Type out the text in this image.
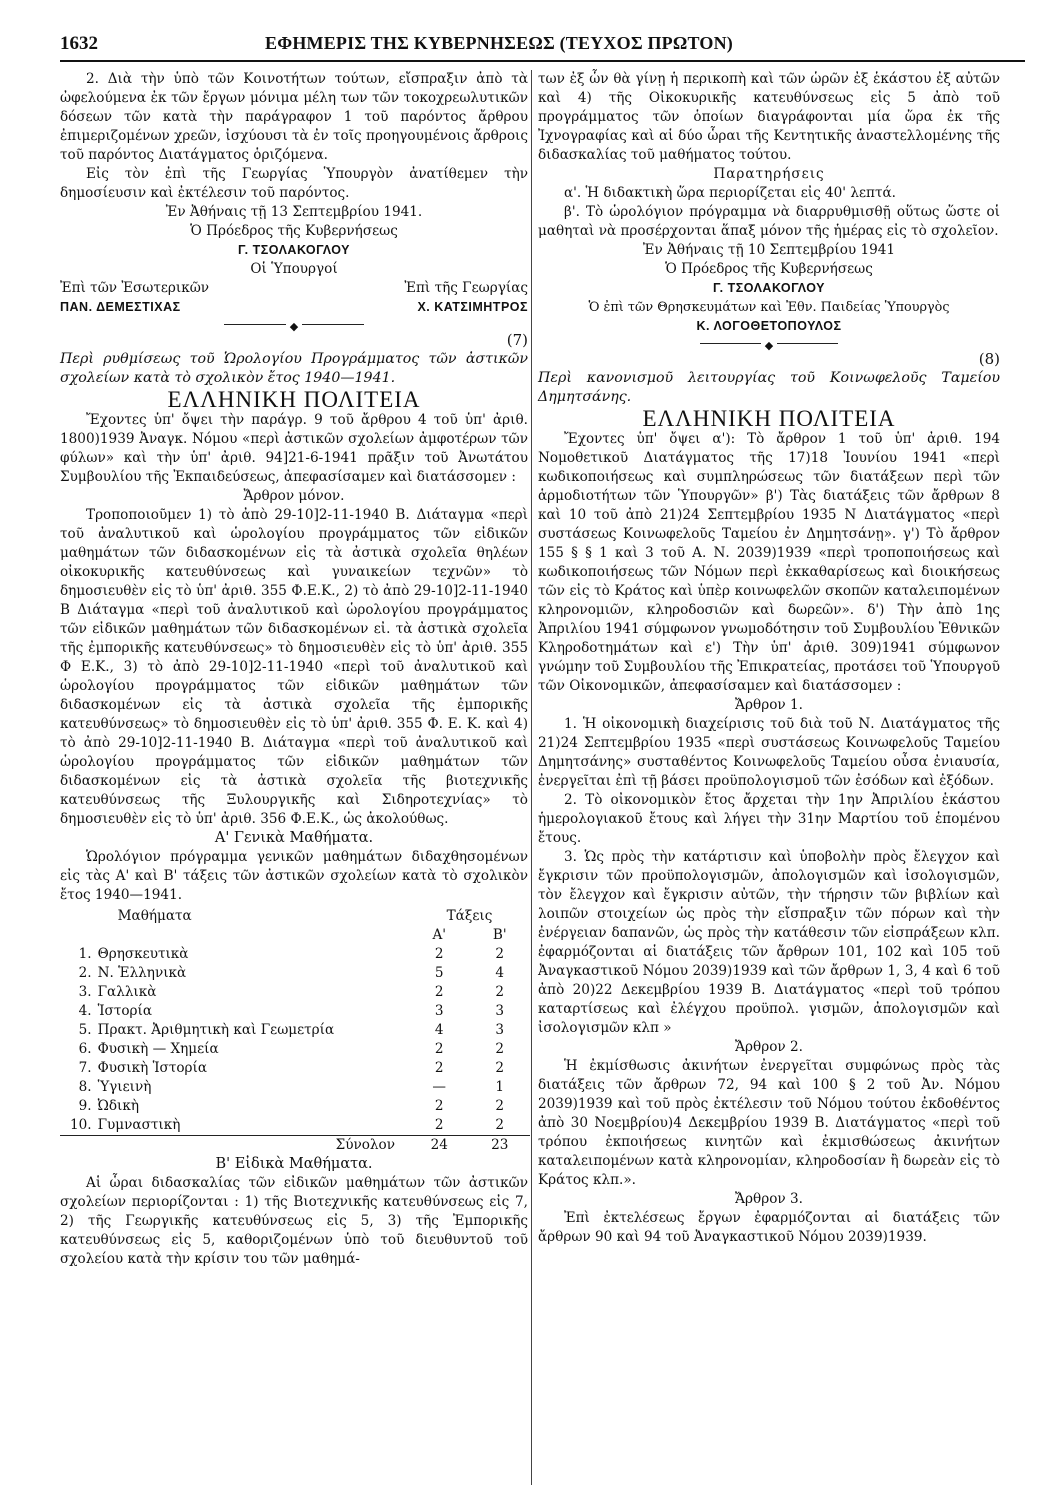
1632	ΕΦΗΜΕΡΙΣ ΤΗΣ ΚΥΒΕΡΝΗΣΕΩΣ (ΤΕΥΧΟΣ ΠΡΩΤΟΝ)

2. Διὰ τὴν ὑπὸ τῶν Κοινοτήτων τούτων, εἴσπραξιν ἀπὸ τὰ ὠφελούμενα ἐκ τῶν ἔργων μόνιμα μέλη των τῶν τοκοχρεωλυτικῶν δόσεων τῶν κατὰ τὴν παράγραφον 1 τοῦ παρόντος ἄρθρου ἐπιμεριζομένων χρεῶν, ἰσχύουσι τὰ ἐν τοῖς προηγουμένοις ἄρθροις τοῦ παρόντος Διατάγματος ὁριζόμενα.

Εἰς τὸν ἐπὶ τῆς Γεωργίας Ὑπουργὸν ἀνατίθεμεν τὴν δημοσίευσιν καὶ ἐκτέλεσιν τοῦ παρόντος.

Ἐν Ἀθήναις τῇ 13 Σεπτεμβρίου 1941.

Ὁ Πρόεδρος τῆς Κυβερνήσεως

Γ. ΤΣΟΛΑΚΟΓΛΟΥ

Οἱ Ὑπουργοί

Ἐπὶ τῶν Ἐσωτερικῶν	Ἐπὶ τῆς Γεωργίας
ΠΑΝ. ΔΕΜΕΣΤΙΧΑΣ	Χ. ΚΑΤΣΙΜΗΤΡΟΣ
◆

(7)

Περὶ ρυθμίσεως τοῦ Ὡρολογίου Προγράμματος τῶν ἀστικῶν σχολείων κατὰ τὸ σχολικὸν ἔτος 1940—1941.

ΕΛΛΗΝΙΚΗ ΠΟΛΙΤΕΙΑ

Ἔχοντες ὑπ' ὄψει τὴν παράγρ. 9 τοῦ ἄρθρου 4 τοῦ ὑπ' ἀριθ. 1800)1939 Ἀναγκ. Νόμου «περὶ ἀστικῶν σχολείων ἀμφοτέρων τῶν φύλων» καὶ τὴν ὑπ' ἀριθ. 94]21-6-1941 πρᾶξιν τοῦ Ἀνωτάτου Συμβουλίου τῆς Ἐκπαιδεύσεως, ἀπεφασίσαμεν καὶ διατάσσομεν :

Ἄρθρον μόνον.

Τροποποιοῦμεν 1) τὸ ἀπὸ 29-10]2-11-1940 Β. Διάταγμα «περὶ τοῦ ἀναλυτικοῦ καὶ ὡρολογίου προγράμματος τῶν εἰδικῶν μαθημάτων τῶν διδασκομένων εἰς τὰ ἀστικὰ σχολεῖα θηλέων οἰκοκυρικῆς κατευθύνσεως καὶ γυναικείων τεχνῶν» τὸ δημοσιευθὲν εἰς τὸ ὑπ' ἀριθ. 355 Φ.Ε.Κ., 2) τὸ ἀπὸ 29-10]2-11-1940 Β Διάταγμα «περὶ τοῦ ἀναλυτικοῦ καὶ ὡρολογίου προγράμματος τῶν εἰδικῶν μαθημάτων τῶν διδασκομένων εἰ. τὰ ἀστικὰ σχολεῖα τῆς ἐμπορικῆς κατευθύνσεως» τὸ δημοσιευθὲν εἰς τὸ ὑπ' ἀριθ. 355 Φ Ε.Κ., 3) τὸ ἀπὸ 29-10]2-11-1940 «περὶ τοῦ ἀναλυτικοῦ καὶ ὡρολογίου προγράμματος τῶν εἰδικῶν μαθημάτων τῶν διδασκομένων εἰς τὰ ἀστικὰ σχολεῖα τῆς ἐμπορικῆς κατευθύνσεως» τὸ δημοσιευθὲν εἰς τὸ ὑπ' ἀριθ. 355 Φ. Ε. Κ. καὶ 4) τὸ ἀπὸ 29-10]2-11-1940 Β. Διάταγμα «περὶ τοῦ ἀναλυτικοῦ καὶ ὡρολογίου προγράμματος τῶν εἰδικῶν μαθημάτων τῶν διδασκομένων εἰς τὰ ἀστικὰ σχολεῖα τῆς βιοτεχνικῆς κατευθύνσεως τῆς Ξυλουργικῆς καὶ Σιδηροτεχνίας» τὸ δημοσιευθὲν εἰς τὸ ὑπ' ἀριθ. 356 Φ.Ε.Κ., ὡς ἀκολούθως.

Α' Γενικὰ Μαθήματα.

Ὡρολόγιον πρόγραμμα γενικῶν μαθημάτων διδαχθησομένων εἰς τὰς Α' καὶ Β' τάξεις τῶν ἀστικῶν σχολείων κατὰ τὸ σχολικὸν ἔτος 1940—1941.

	Μαθήματα	Τάξεις	
		Α'	Β'
1.	Θρησκευτικὰ	2	2
2.	Ν. Ἑλληνικὰ	5	4
3.	Γαλλικὰ	2	2
4.	Ἱστορία	3	3
5.	Πρακτ. Ἀριθμητικὴ καὶ Γεωμετρία	4	3
6.	Φυσικὴ — Χημεία	2	2
7.	Φυσικὴ Ἱστορία	2	2
8.	Ὑγιεινὴ	—	1
9.	Ὠδικὴ	2	2
10.	Γυμναστικὴ	2	2
	Σύνολον	24	23

Β' Εἰδικὰ Μαθήματα.

Αἱ ὧραι διδασκαλίας τῶν εἰδικῶν μαθημάτων τῶν ἀστικῶν σχολείων περιορίζονται : 1) τῆς Βιοτεχνικῆς κατευθύνσεως εἰς 7, 2) τῆς Γεωργικῆς κατευθύνσεως εἰς 5, 3) τῆς Ἐμπορικῆς κατευθύνσεως εἰς 5, καθοριζομένων ὑπὸ τοῦ διευθυντοῦ τοῦ σχολείου κατὰ τὴν κρίσιν του τῶν μαθημά-

των ἐξ ὧν θὰ γίνῃ ἡ περικοπὴ καὶ τῶν ὡρῶν ἐξ ἑκάστου ἐξ αὐτῶν καὶ 4) τῆς Οἰκοκυρικῆς κατευθύνσεως εἰς 5 ἀπὸ τοῦ προγράμματος τῶν ὁποίων διαγράφονται μία ὥρα ἐκ τῆς Ἰχνογραφίας καὶ αἱ δύο ὧραι τῆς Κεντητικῆς ἀναστελλομένης τῆς διδασκαλίας τοῦ μαθήματος τούτου.

Παρατηρήσεις

α'. Ἡ διδακτικὴ ὥρα περιορίζεται εἰς 40' λεπτά.

β'. Τὸ ὡρολόγιον πρόγραμμα νὰ διαρρυθμισθῇ οὕτως ὥστε οἱ μαθηταὶ νὰ προσέρχονται ἅπαξ μόνον τῆς ἡμέρας εἰς τὸ σχολεῖον.

Ἐν Ἀθήναις τῇ 10 Σεπτεμβρίου 1941

Ὁ Πρόεδρος τῆς Κυβερνήσεως

Γ. ΤΣΟΛΑΚΟΓΛΟΥ

Ὁ ἐπὶ τῶν Θρησκευμάτων καὶ Ἐθν. Παιδείας Ὑπουργὸς

Κ. ΛΟΓΟΘΕΤΟΠΟΥΛΟΣ

◆

(8)

Περὶ κανονισμοῦ λειτουργίας τοῦ Κοινωφελοῦς Ταμείου Δημητσάνης.

ΕΛΛΗΝΙΚΗ ΠΟΛΙΤΕΙΑ

Ἔχοντες ὑπ' ὄψει α'): Τὸ ἄρθρον 1 τοῦ ὑπ' ἀριθ. 194 Νομοθετικοῦ Διατάγματος τῆς 17)18 Ἰουνίου 1941 «περὶ κωδικοποιήσεως καὶ συμπληρώσεως τῶν διατάξεων περὶ τῶν ἁρμοδιοτήτων τῶν Ὑπουργῶν» β') Τὰς διατάξεις τῶν ἄρθρων 8 καὶ 10 τοῦ ἀπὸ 21)24 Σεπτεμβρίου 1935 Ν Διατάγματος «περὶ συστάσεως Κοινωφελοῦς Ταμείου ἐν Δημητσάνῃ». γ') Τὸ ἄρθρον 155 § § 1 καὶ 3 τοῦ Α. Ν. 2039)1939 «περὶ τροποποιήσεως καὶ κωδικοποιήσεως τῶν Νόμων περὶ ἐκκαθαρίσεως καὶ διοικήσεως τῶν εἰς τὸ Κράτος καὶ ὑπὲρ κοινωφελῶν σκοπῶν καταλειπομένων κληρονομιῶν, κληροδοσιῶν καὶ δωρεῶν». δ') Τὴν ἀπὸ 1ης Ἀπριλίου 1941 σύμφωνον γνωμοδότησιν τοῦ Συμβουλίου Ἐθνικῶν Κληροδοτημάτων καὶ ε') Τὴν ὑπ' ἀριθ. 309)1941 σύμφωνον γνώμην τοῦ Συμβουλίου τῆς Ἐπικρατείας, προτάσει τοῦ Ὑπουργοῦ τῶν Οἰκονομικῶν, ἀπεφασίσαμεν καὶ διατάσσομεν :

Ἄρθρον 1.

1. Ἡ οἰκονομικὴ διαχείρισις τοῦ διὰ τοῦ Ν. Διατάγματος τῆς 21)24 Σεπτεμβρίου 1935 «περὶ συστάσεως Κοινωφελοῦς Ταμείου Δημητσάνης» συσταθέντος Κοινωφελοῦς Ταμείου οὖσα ἐνιαυσία, ἐνεργεῖται ἐπὶ τῇ βάσει προϋπολογισμοῦ τῶν ἐσόδων καὶ ἐξόδων.

2. Τὸ οἰκονομικὸν ἔτος ἄρχεται τὴν 1ην Ἀπριλίου ἑκάστου ἡμερολογιακοῦ ἔτους καὶ λήγει τὴν 31ην Μαρτίου τοῦ ἑπομένου ἔτους.

3. Ὡς πρὸς τὴν κατάρτισιν καὶ ὑποβολὴν πρὸς ἔλεγχον καὶ ἔγκρισιν τῶν προϋπολογισμῶν, ἀπολογισμῶν καὶ ἰσολογισμῶν, τὸν ἔλεγχον καὶ ἔγκρισιν αὐτῶν, τὴν τήρησιν τῶν βιβλίων καὶ λοιπῶν στοιχείων ὡς πρὸς τὴν εἴσπραξιν τῶν πόρων καὶ τὴν ἐνέργειαν δαπανῶν, ὡς πρὸς τὴν κατάθεσιν τῶν εἰσπράξεων κλπ. ἐφαρμόζονται αἱ διατάξεις τῶν ἄρθρων 101, 102 καὶ 105 τοῦ Ἀναγκαστικοῦ Νόμου 2039)1939 καὶ τῶν ἄρθρων 1, 3, 4 καὶ 6 τοῦ ἀπὸ 20)22 Δεκεμβρίου 1939 Β. Διατάγματος «περὶ τοῦ τρόπου καταρτίσεως καὶ ἐλέγχου προϋπολ. γισμῶν, ἀπολογισμῶν καὶ ἰσολογισμῶν κλπ »

Ἄρθρον 2.

Ἡ ἐκμίσθωσις ἀκινήτων ἐνεργεῖται συμφώνως πρὸς τὰς διατάξεις τῶν ἄρθρων 72, 94 καὶ 100 § 2 τοῦ Ἀν. Νόμου 2039)1939 καὶ τοῦ πρὸς ἐκτέλεσιν τοῦ Νόμου τούτου ἐκδοθέντος ἀπὸ 30 Νοεμβρίου)4 Δεκεμβρίου 1939 Β. Διατάγματος «περὶ τοῦ τρόπου ἐκποιήσεως κινητῶν καὶ ἐκμισθώσεως ἀκινήτων καταλειπομένων κατὰ κληρονομίαν, κληροδοσίαν ἢ δωρεὰν εἰς τὸ Κράτος κλπ.».

Ἄρθρον 3.

Ἐπὶ ἐκτελέσεως ἔργων ἐφαρμόζονται αἱ διατάξεις τῶν ἄρθρων 90 καὶ 94 τοῦ Ἀναγκαστικοῦ Νόμου 2039)1939.
